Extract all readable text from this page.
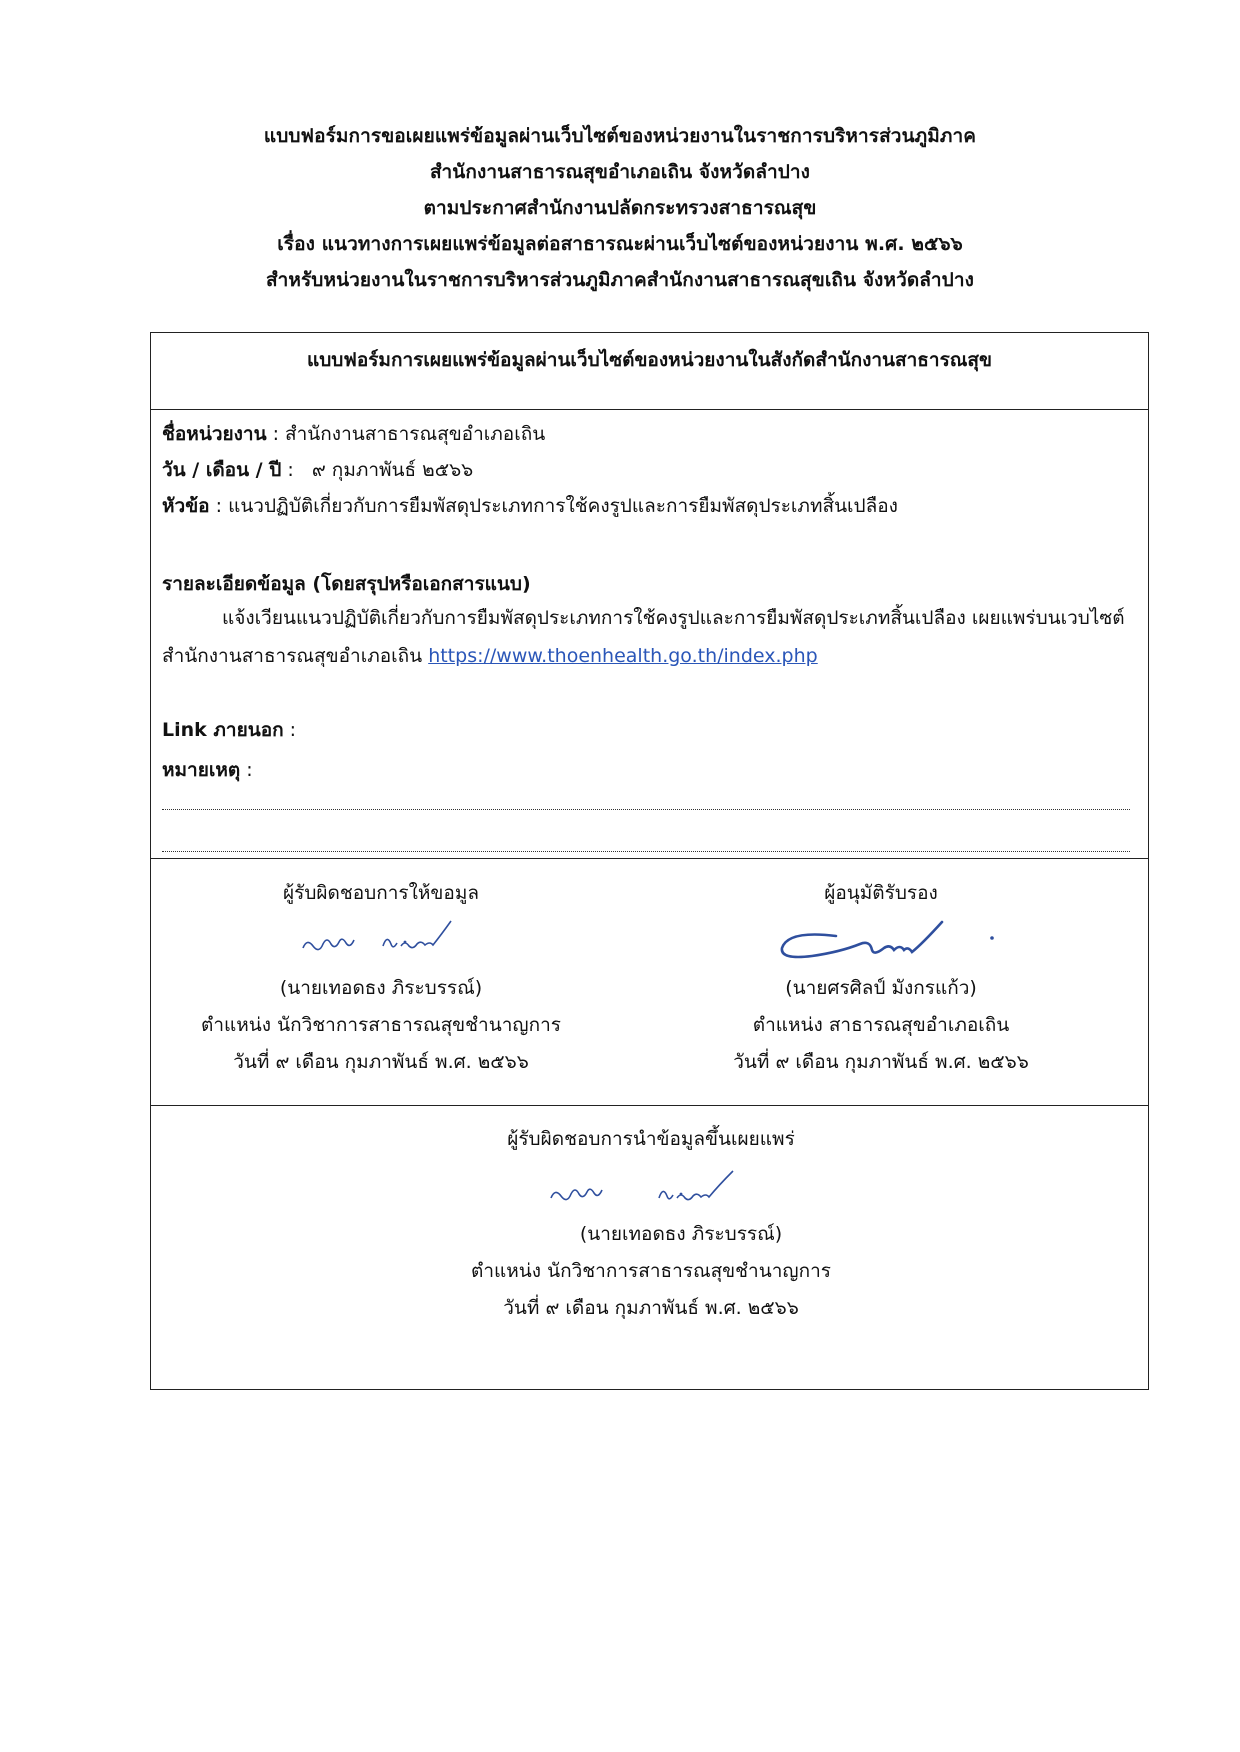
แบบฟอร์มการขอเผยแพร่ข้อมูลผ่านเว็บไซต์ของหน่วยงานในราชการบริหารส่วนภูมิภาค
สำนักงานสาธารณสุขอำเภอเถิน จังหวัดลำปาง
ตามประกาศสำนักงานปลัดกระทรวงสาธารณสุข
เรื่อง แนวทางการเผยแพร่ข้อมูลต่อสาธารณะผ่านเว็บไซต์ของหน่วยงาน พ.ศ. ๒๕๖๖
สำหรับหน่วยงานในราชการบริหารส่วนภูมิภาคสำนักงานสาธารณสุขเถิน จังหวัดลำปาง
แบบฟอร์มการเผยแพร่ข้อมูลผ่านเว็บไซต์ของหน่วยงานในสังกัดสำนักงานสาธารณสุข
ชื่อหน่วยงาน : สำนักงานสาธารณสุขอำเภอเถิน
วัน / เดือน / ปี :   ๙ กุมภาพันธ์ ๒๕๖๖
หัวข้อ : แนวปฏิบัติเกี่ยวกับการยืมพัสดุประเภทการใช้คงรูปและการยืมพัสดุประเภทสิ้นเปลือง
รายละเอียดข้อมูล (โดยสรุปหรือเอกสารแนบ)
แจ้งเวียนแนวปฏิบัติเกี่ยวกับการยืมพัสดุประเภทการใช้คงรูปและการยืมพัสดุประเภทสิ้นเปลือง เผยแพร่บนเวบไซต์สำนักงานสาธารณสุขอำเภอเถิน https://www.thoenhealth.go.th/index.php
Link ภายนอก :
หมายเหตุ :
ผู้รับผิดชอบการให้ขอมูล
(นายเทอดธง ภิระบรรณ์)
ตำแหน่ง นักวิชาการสาธารณสุขชำนาญการ
วันที่ ๙ เดือน กุมภาพันธ์ พ.ศ. ๒๕๖๖
ผู้อนุมัติรับรอง
(นายศรศิลป์ มังกรแก้ว)
ตำแหน่ง สาธารณสุขอำเภอเถิน
วันที่ ๙ เดือน กุมภาพันธ์ พ.ศ. ๒๕๖๖
ผู้รับผิดชอบการนำข้อมูลขึ้นเผยแพร่
(นายเทอดธง ภิระบรรณ์)
ตำแหน่ง นักวิชาการสาธารณสุขชำนาญการ
วันที่ ๙ เดือน กุมภาพันธ์ พ.ศ. ๒๕๖๖
